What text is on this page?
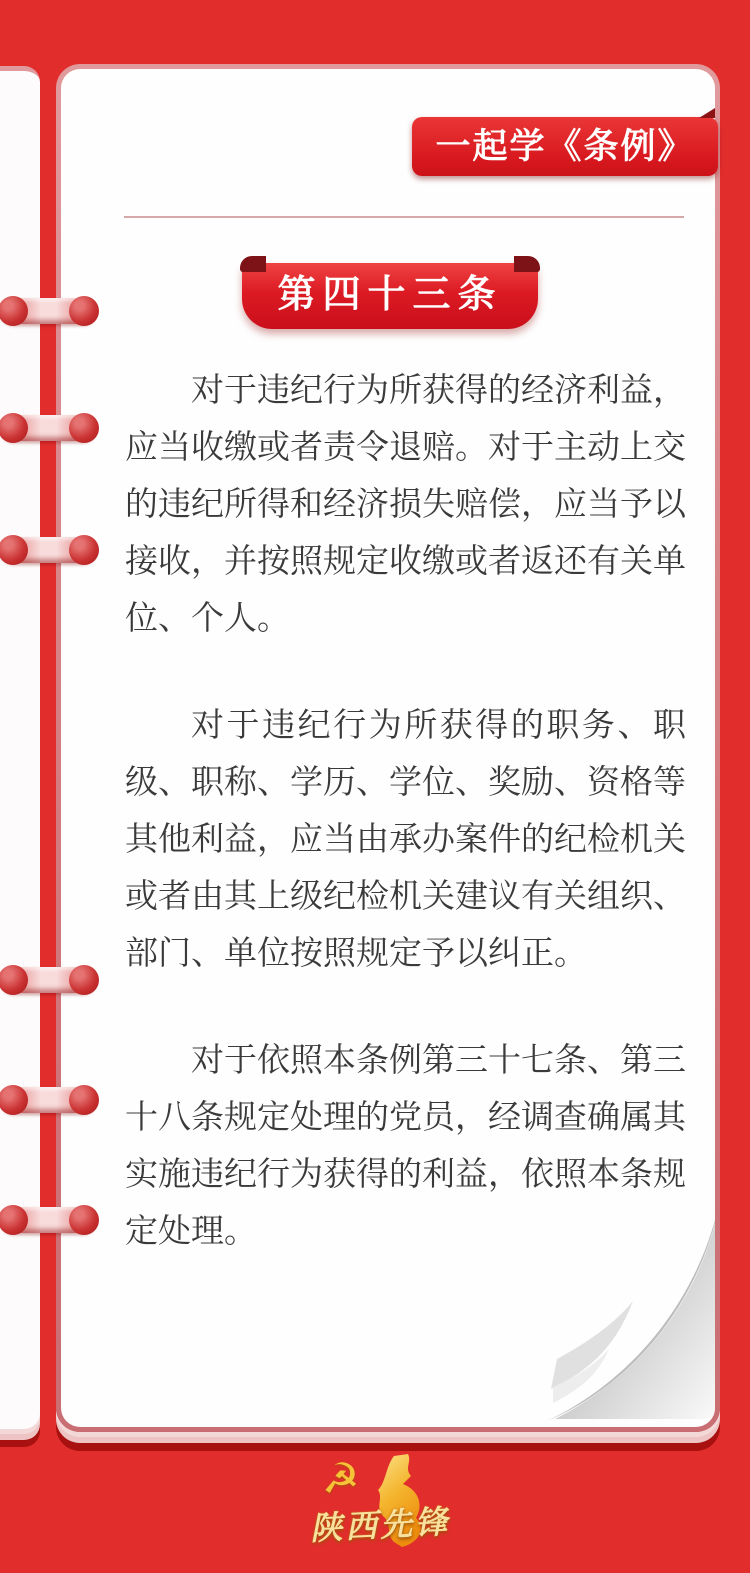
对于违纪行为所获得的经济利益，应当收缴或者责令退赔。对于主动上交的违纪所得和经济损失赔偿，应当予以接收，并按照规定收缴或者返还有关单位、个人。

对于违纪行为所获得的职务、职级、职称、学历、学位、奖励、资格等其他利益，应当由承办案件的纪检机关或者由其上级纪检机关建议有关组织、部门、单位按照规定予以纠正。

对于依照本条例第三十七条、第三十八条规定处理的党员，经调查确属其实施违纪行为获得的利益，依照本条规定处理。

一起学《条例》
第四十三条
☭
陕西先锋
